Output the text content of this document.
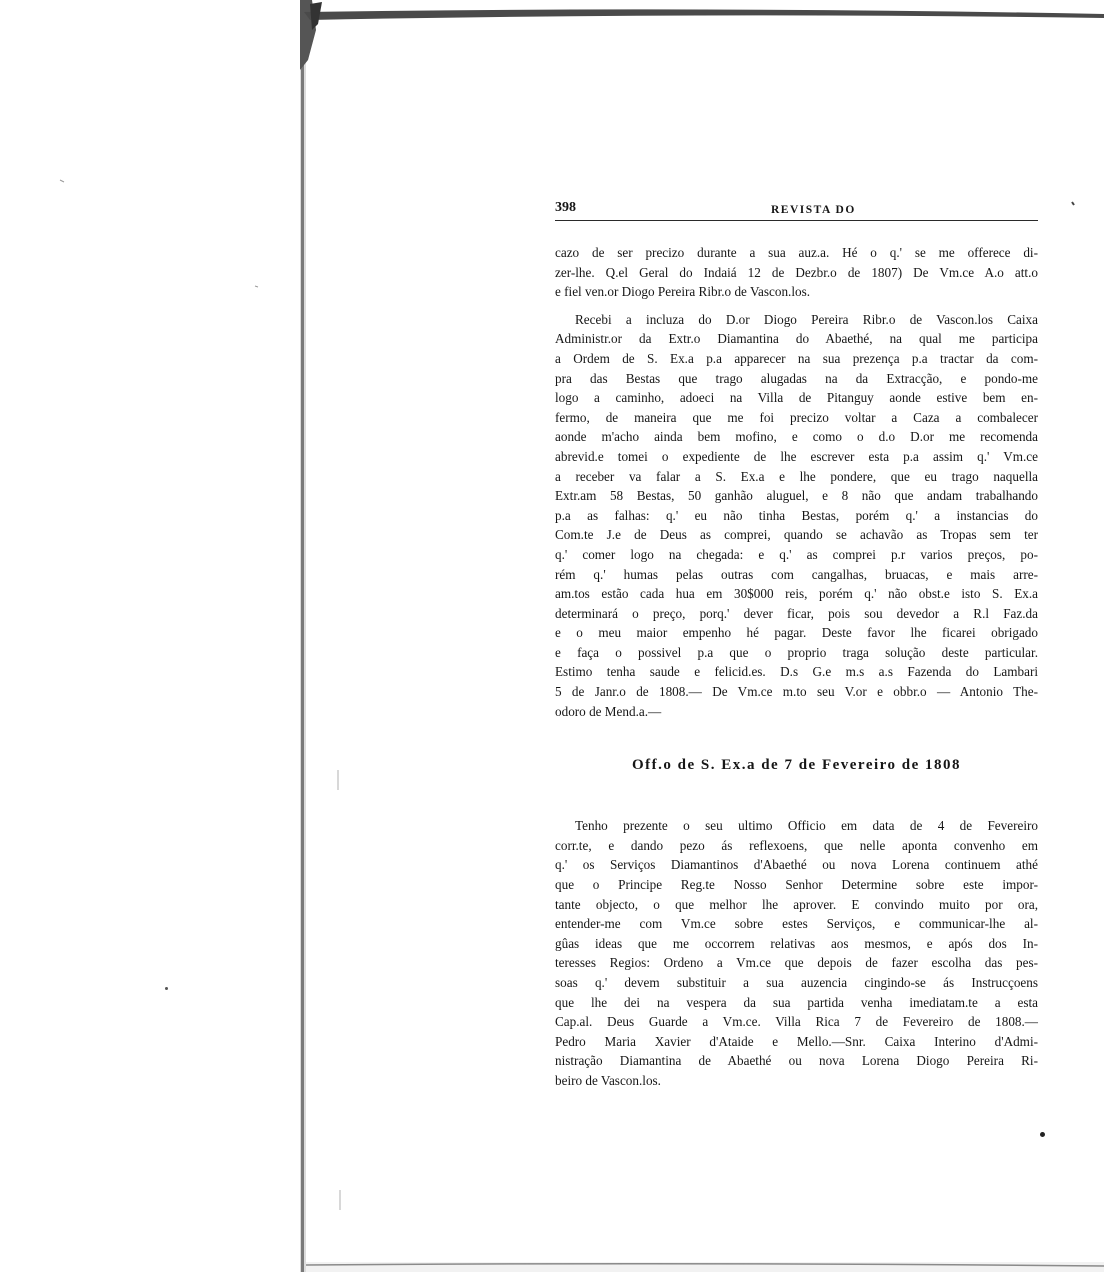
398	REVISTA DO

cazo de ser precizo durante a sua auz.a. Hé o q.' se me offerece di-

zer-lhe. Q.el Geral do Indaiá 12 de Dezbr.o de 1807) De Vm.ce A.o att.o

e fiel ven.or Diogo Pereira Ribr.o de Vascon.los.

Recebi a incluza do D.or Diogo Pereira Ribr.o de Vascon.los Caixa

Administr.or da Extr.o Diamantina do Abaethé, na qual me participa

a Ordem de S. Ex.a p.a apparecer na sua prezença p.a tractar da com-

pra das Bestas que trago alugadas na da Extracção, e pondo-me

logo a caminho, adoeci na Villa de Pitanguy aonde estive bem en-

fermo, de maneira que me foi precizo voltar a Caza a combalecer

aonde m'acho ainda bem mofino, e como o d.o D.or me recomenda

abrevid.e tomei o expediente de lhe escrever esta p.a assim q.' Vm.ce

a receber va falar a S. Ex.a e lhe pondere, que eu trago naquella

Extr.am 58 Bestas, 50 ganhão aluguel, e 8 não que andam trabalhando

p.a as falhas: q.' eu não tinha Bestas, porém q.' a instancias do

Com.te J.e de Deus as comprei, quando se achavão as Tropas sem ter

q.' comer logo na chegada: e q.' as comprei p.r varios preços, po-

rém q.' humas pelas outras com cangalhas, bruacas, e mais arre-

am.tos estão cada hua em 30$000 reis, porém q.' não obst.e isto S. Ex.a

determinará o preço, porq.' dever ficar, pois sou devedor a R.l Faz.da

e o meu maior empenho hé pagar. Deste favor lhe ficarei obrigado

e faça o possivel p.a que o proprio traga solução deste particular.

Estimo tenha saude e felicid.es. D.s G.e m.s a.s Fazenda do Lambari

5 de Janr.o de 1808.— De Vm.ce m.to seu V.or e obbr.o — Antonio The-

odoro de Mend.a.—

Off.o de S. Ex.a de 7 de Fevereiro de 1808

Tenho prezente o seu ultimo Officio em data de 4 de Fevereiro

corr.te, e dando pezo ás reflexoens, que nelle aponta convenho em

q.' os Serviços Diamantinos d'Abaethé ou nova Lorena continuem athé

que o Principe Reg.te Nosso Senhor Determine sobre este impor-

tante objecto, o que melhor lhe aprover. E convindo muito por ora,

entender-me com Vm.ce sobre estes Serviços, e communicar-lhe al-

gûas ideas que me occorrem relativas aos mesmos, e após dos In-

teresses Regios: Ordeno a Vm.ce que depois de fazer escolha das pes-

soas q.' devem substituir a sua auzencia cingindo-se ás Instrucçoens

que lhe dei na vespera da sua partida venha imediatam.te a esta

Cap.al. Deus Guarde a Vm.ce. Villa Rica 7 de Fevereiro de 1808.—

Pedro Maria Xavier d'Ataide e Mello.—Snr. Caixa Interino d'Admi-

nistração Diamantina de Abaethé ou nova Lorena Diogo Pereira Ri-

beiro de Vascon.los.
